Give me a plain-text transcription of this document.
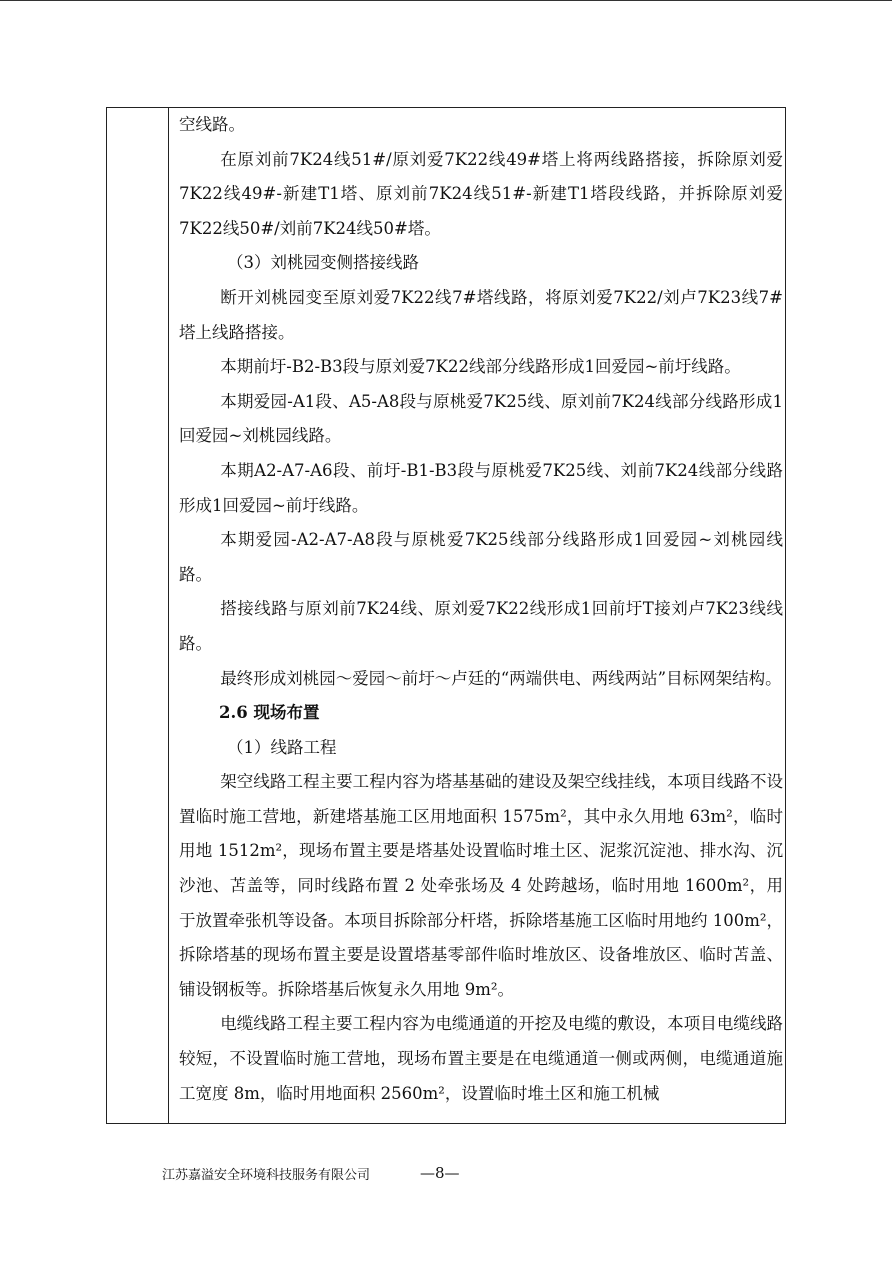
空线路。

在原刘前7K24线51#/原刘爱7K22线49#塔上将两线路搭接，拆除原刘爱7K22线49#-新建T1塔、原刘前7K24线51#-新建T1塔段线路，并拆除原刘爱7K22线50#/刘前7K24线50#塔。

（3）刘桃园变侧搭接线路

断开刘桃园变至原刘爱7K22线7#塔线路，将原刘爱7K22/刘卢7K23线7#塔上线路搭接。

本期前圩-B2-B3段与原刘爱7K22线部分线路形成1回爱园~前圩线路。

本期爱园-A1段、A5-A8段与原桃爱7K25线、原刘前7K24线部分线路形成1回爱园~刘桃园线路。

本期A2-A7-A6段、前圩-B1-B3段与原桃爱7K25线、刘前7K24线部分线路形成1回爱园~前圩线路。

本期爱园-A2-A7-A8段与原桃爱7K25线部分线路形成1回爱园~刘桃园线路。

搭接线路与原刘前7K24线、原刘爱7K22线形成1回前圩T接刘卢7K23线线路。

最终形成刘桃园～爱园～前圩～卢廷的“两端供电、两线两站”目标网架结构。

2.6 现场布置

（1）线路工程

架空线路工程主要工程内容为塔基基础的建设及架空线挂线，本项目线路不设置临时施工营地，新建塔基施工区用地面积 1575m²，其中永久用地 63m²，临时用地 1512m²，现场布置主要是塔基处设置临时堆土区、泥浆沉淀池、排水沟、沉沙池、苫盖等，同时线路布置 2 处牵张场及 4 处跨越场，临时用地 1600m²，用于放置牵张机等设备。本项目拆除部分杆塔，拆除塔基施工区临时用地约 100m²，拆除塔基的现场布置主要是设置塔基零部件临时堆放区、设备堆放区、临时苫盖、铺设钢板等。拆除塔基后恢复永久用地 9m²。

电缆线路工程主要工程内容为电缆通道的开挖及电缆的敷设，本项目电缆线路较短，不设置临时施工营地，现场布置主要是在电缆通道一侧或两侧，电缆通道施工宽度 8m，临时用地面积 2560m²，设置临时堆土区和施工机械

江苏嘉溢安全环境科技服务有限公司	—8—
